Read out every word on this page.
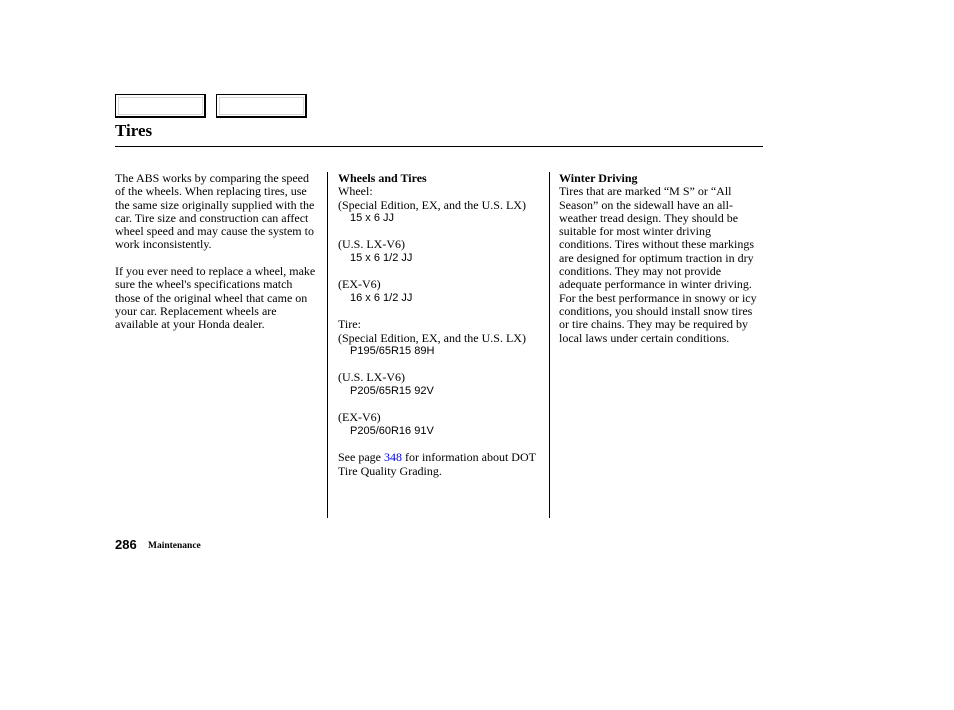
Tires

The ABS works by comparing the speed of the wheels. When replacing tires, use the same size originally supplied with the car. Tire size and construction can affect wheel speed and may cause the system to work inconsistently.

If you ever need to replace a wheel, make sure the wheel's specifications match those of the original wheel that came on your car. Replacement wheels are available at your Honda dealer.

Wheels and Tires
Wheel:
(Special Edition, EX, and the U.S. LX)
15 x 6 JJ
(U.S. LX-V6)
15 x 6 1/2 JJ
(EX-V6)
16 x 6 1/2 JJ
Tire:
(Special Edition, EX, and the U.S. LX)
P195/65R15 89H
(U.S. LX-V6)
P205/65R15 92V
(EX-V6)
P205/60R16 91V

See page 348 for information about DOT Tire Quality Grading.

Winter Driving

Tires that are marked “M S” or “All Season” on the sidewall have an all-weather tread design. They should be suitable for most winter driving conditions. Tires without these markings are designed for optimum traction in dry conditions. They may not provide adequate performance in winter driving.

For the best performance in snowy or icy conditions, you should install snow tires or tire chains. They may be required by local laws under certain conditions.

286 Maintenance
